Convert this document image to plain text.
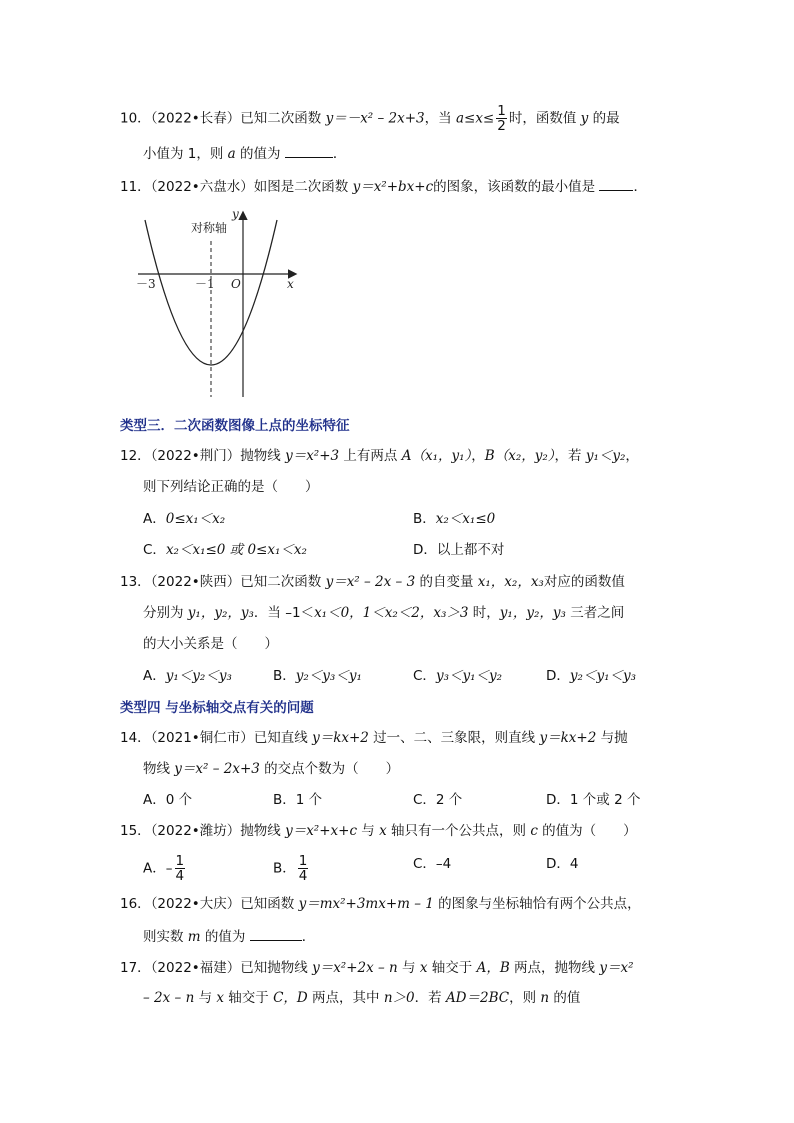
10．（2022•长春）已知二次函数 y＝－x² – 2x+3，当 $a\le x\le \frac{1}{2}$ 时，函数值 y 的最
小值为 1，则 a 的值为	．
11．（2022•六盘水）如图是二次函数 y＝x²+bx+c的图象，该函数的最小值是	．
对称轴
y
x
O
－3	－1
类型三．二次函数图像上点的坐标特征
12．（2022•荆门）抛物线 y＝x²+3 上有两点 A（x₁，y₁），B（x₂，y₂），若 y₁＜y₂，
则下列结论正确的是（　　）
A．0≤x₁＜x₂	B．x₂＜x₁≤0
C．x₂＜x₁≤0 或 0≤x₁＜x₂	D．以上都不对
13．（2022•陕西）已知二次函数 y＝x² – 2x – 3 的自变量 x₁，x₂，x₃对应的函数值
分别为 y₁，y₂，y₃．当 –1＜x₁＜0，1＜x₂＜2，x₃＞3 时，y₁，y₂，y₃ 三者之间
的大小关系是（　　）
A．y₁＜y₂＜y₃	B．y₂＜y₃＜y₁	C．y₃＜y₁＜y₂	D．y₂＜y₁＜y₃
类型四 与坐标轴交点有关的问题
14．（2021•铜仁市）已知直线 y＝kx+2 过一、二、三象限，则直线 y＝kx+2 与抛
物线 y＝x² – 2x+3 的交点个数为（　　）
A．0 个	B．1 个	C．2 个	D．1 个或 2 个
15．（2022•潍坊）抛物线 y＝x²+x+c 与 x 轴只有一个公共点，则 c 的值为（　　）
A．– $\frac{1}{4}$	B． $\frac{1}{4}$	C．–4	D．4
16．（2022•大庆）已知函数 y＝mx²+3mx+m – 1 的图象与坐标轴恰有两个公共点，
则实数 m 的值为	．
17．（2022•福建）已知抛物线 y＝x²+2x – n 与 x 轴交于 A，B 两点，抛物线 y＝x²
– 2x – n 与 x 轴交于 C，D 两点，其中 n＞0．若 AD＝2BC，则 n 的值
